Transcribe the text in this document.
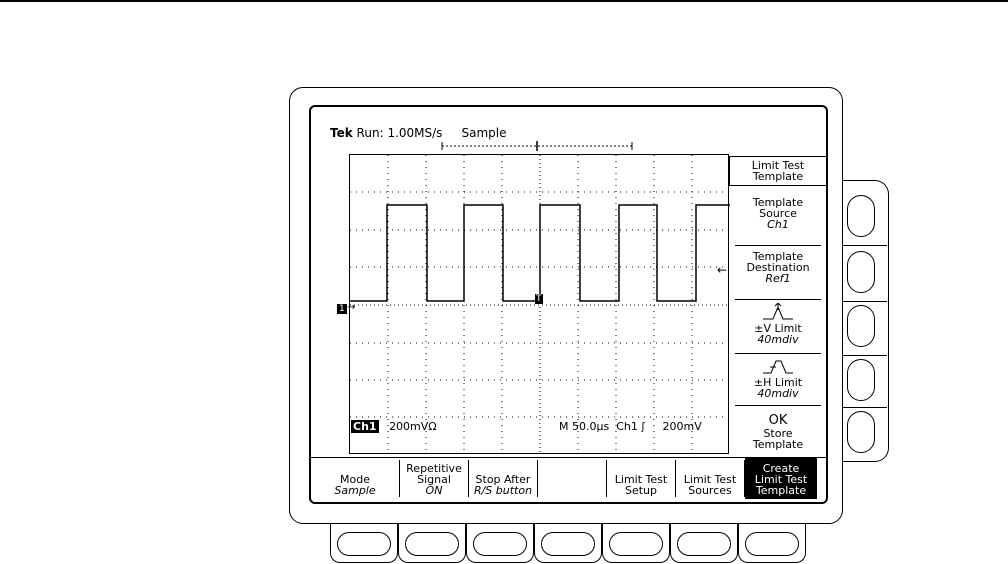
Tek Run: 1.00MS/s Sample
1 →
T
←
Ch1 200mVΩ	M 50.0µs Ch1 ʃ 200mV
Limit Test
Template
Template
Source
Ch1
Template
Destination
Ref1
±V Limit
40mdiv
±H Limit
40mdiv
OK
Store
Template
Mode
Sample
Repetitive
Signal
ON
Stop After
R/S button
Limit Test
Setup
Limit Test
Sources
Create
Limit Test
Template
